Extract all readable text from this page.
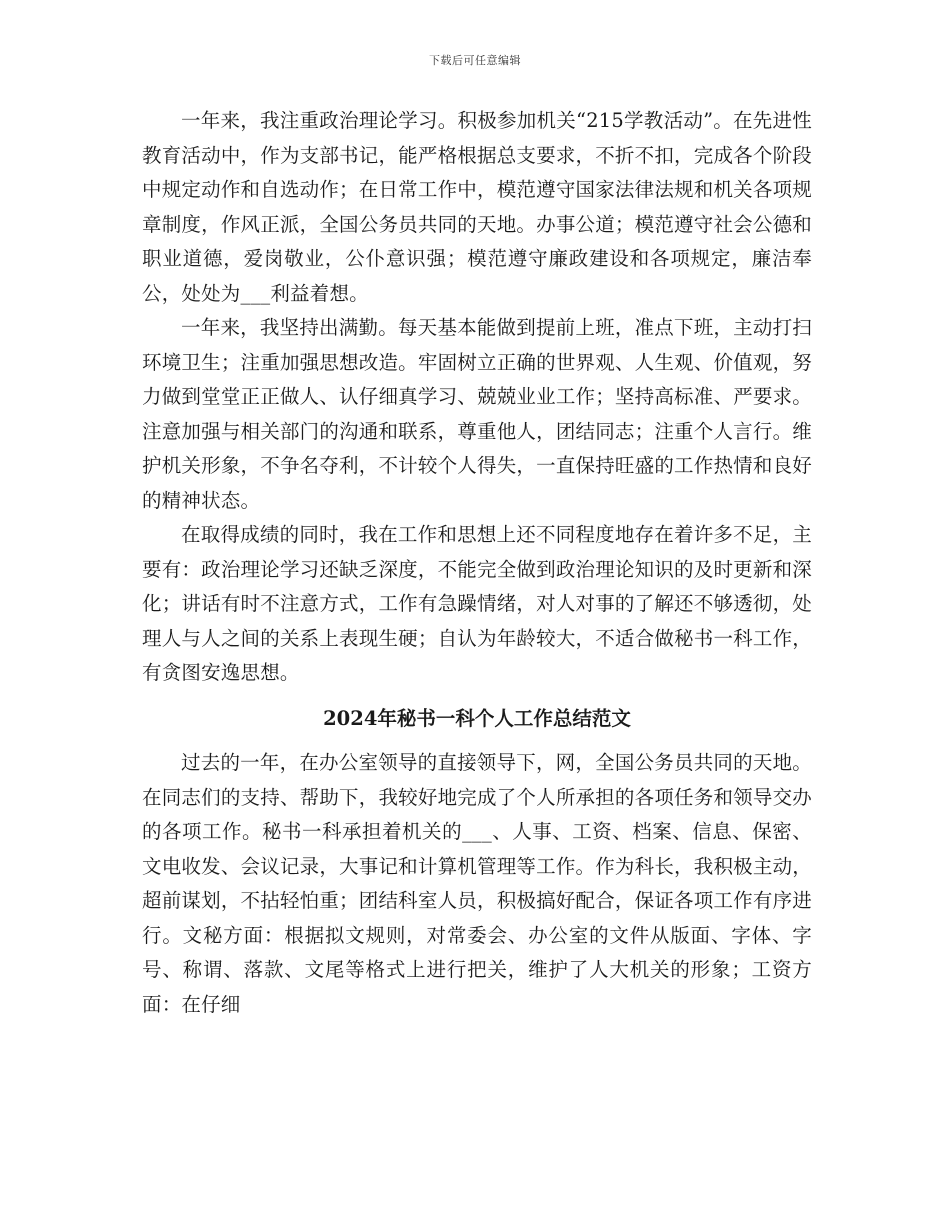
下载后可任意编辑

一年来，我注重政治理论学习。积极参加机关“215学教活动”。在先进性教育活动中，作为支部书记，能严格根据总支要求，不折不扣，完成各个阶段中规定动作和自选动作；在日常工作中，模范遵守国家法律法规和机关各项规章制度，作风正派，全国公务员共同的天地。办事公道；模范遵守社会公德和职业道德，爱岗敬业，公仆意识强；模范遵守廉政建设和各项规定，廉洁奉公，处处为___利益着想。

一年来，我坚持出满勤。每天基本能做到提前上班，准点下班，主动打扫环境卫生；注重加强思想改造。牢固树立正确的世界观、人生观、价值观，努力做到堂堂正正做人、认仔细真学习、兢兢业业工作；坚持高标准、严要求。注意加强与相关部门的沟通和联系，尊重他人，团结同志；注重个人言行。维护机关形象，不争名夺利，不计较个人得失，一直保持旺盛的工作热情和良好的精神状态。

在取得成绩的同时，我在工作和思想上还不同程度地存在着许多不足，主要有：政治理论学习还缺乏深度，不能完全做到政治理论知识的及时更新和深化；讲话有时不注意方式，工作有急躁情绪，对人对事的了解还不够透彻，处理人与人之间的关系上表现生硬；自认为年龄较大，不适合做秘书一科工作，有贪图安逸思想。

2024年秘书一科个人工作总结范文

过去的一年，在办公室领导的直接领导下，网，全国公务员共同的天地。在同志们的支持、帮助下，我较好地完成了个人所承担的各项任务和领导交办的各项工作。秘书一科承担着机关的___、人事、工资、档案、信息、保密、文电收发、会议记录，大事记和计算机管理等工作。作为科长，我积极主动，超前谋划，不拈轻怕重；团结科室人员，积极搞好配合，保证各项工作有序进行。文秘方面：根据拟文规则，对常委会、办公室的文件从版面、字体、字号、称谓、落款、文尾等格式上进行把关，维护了人大机关的形象；工资方面：在仔细
